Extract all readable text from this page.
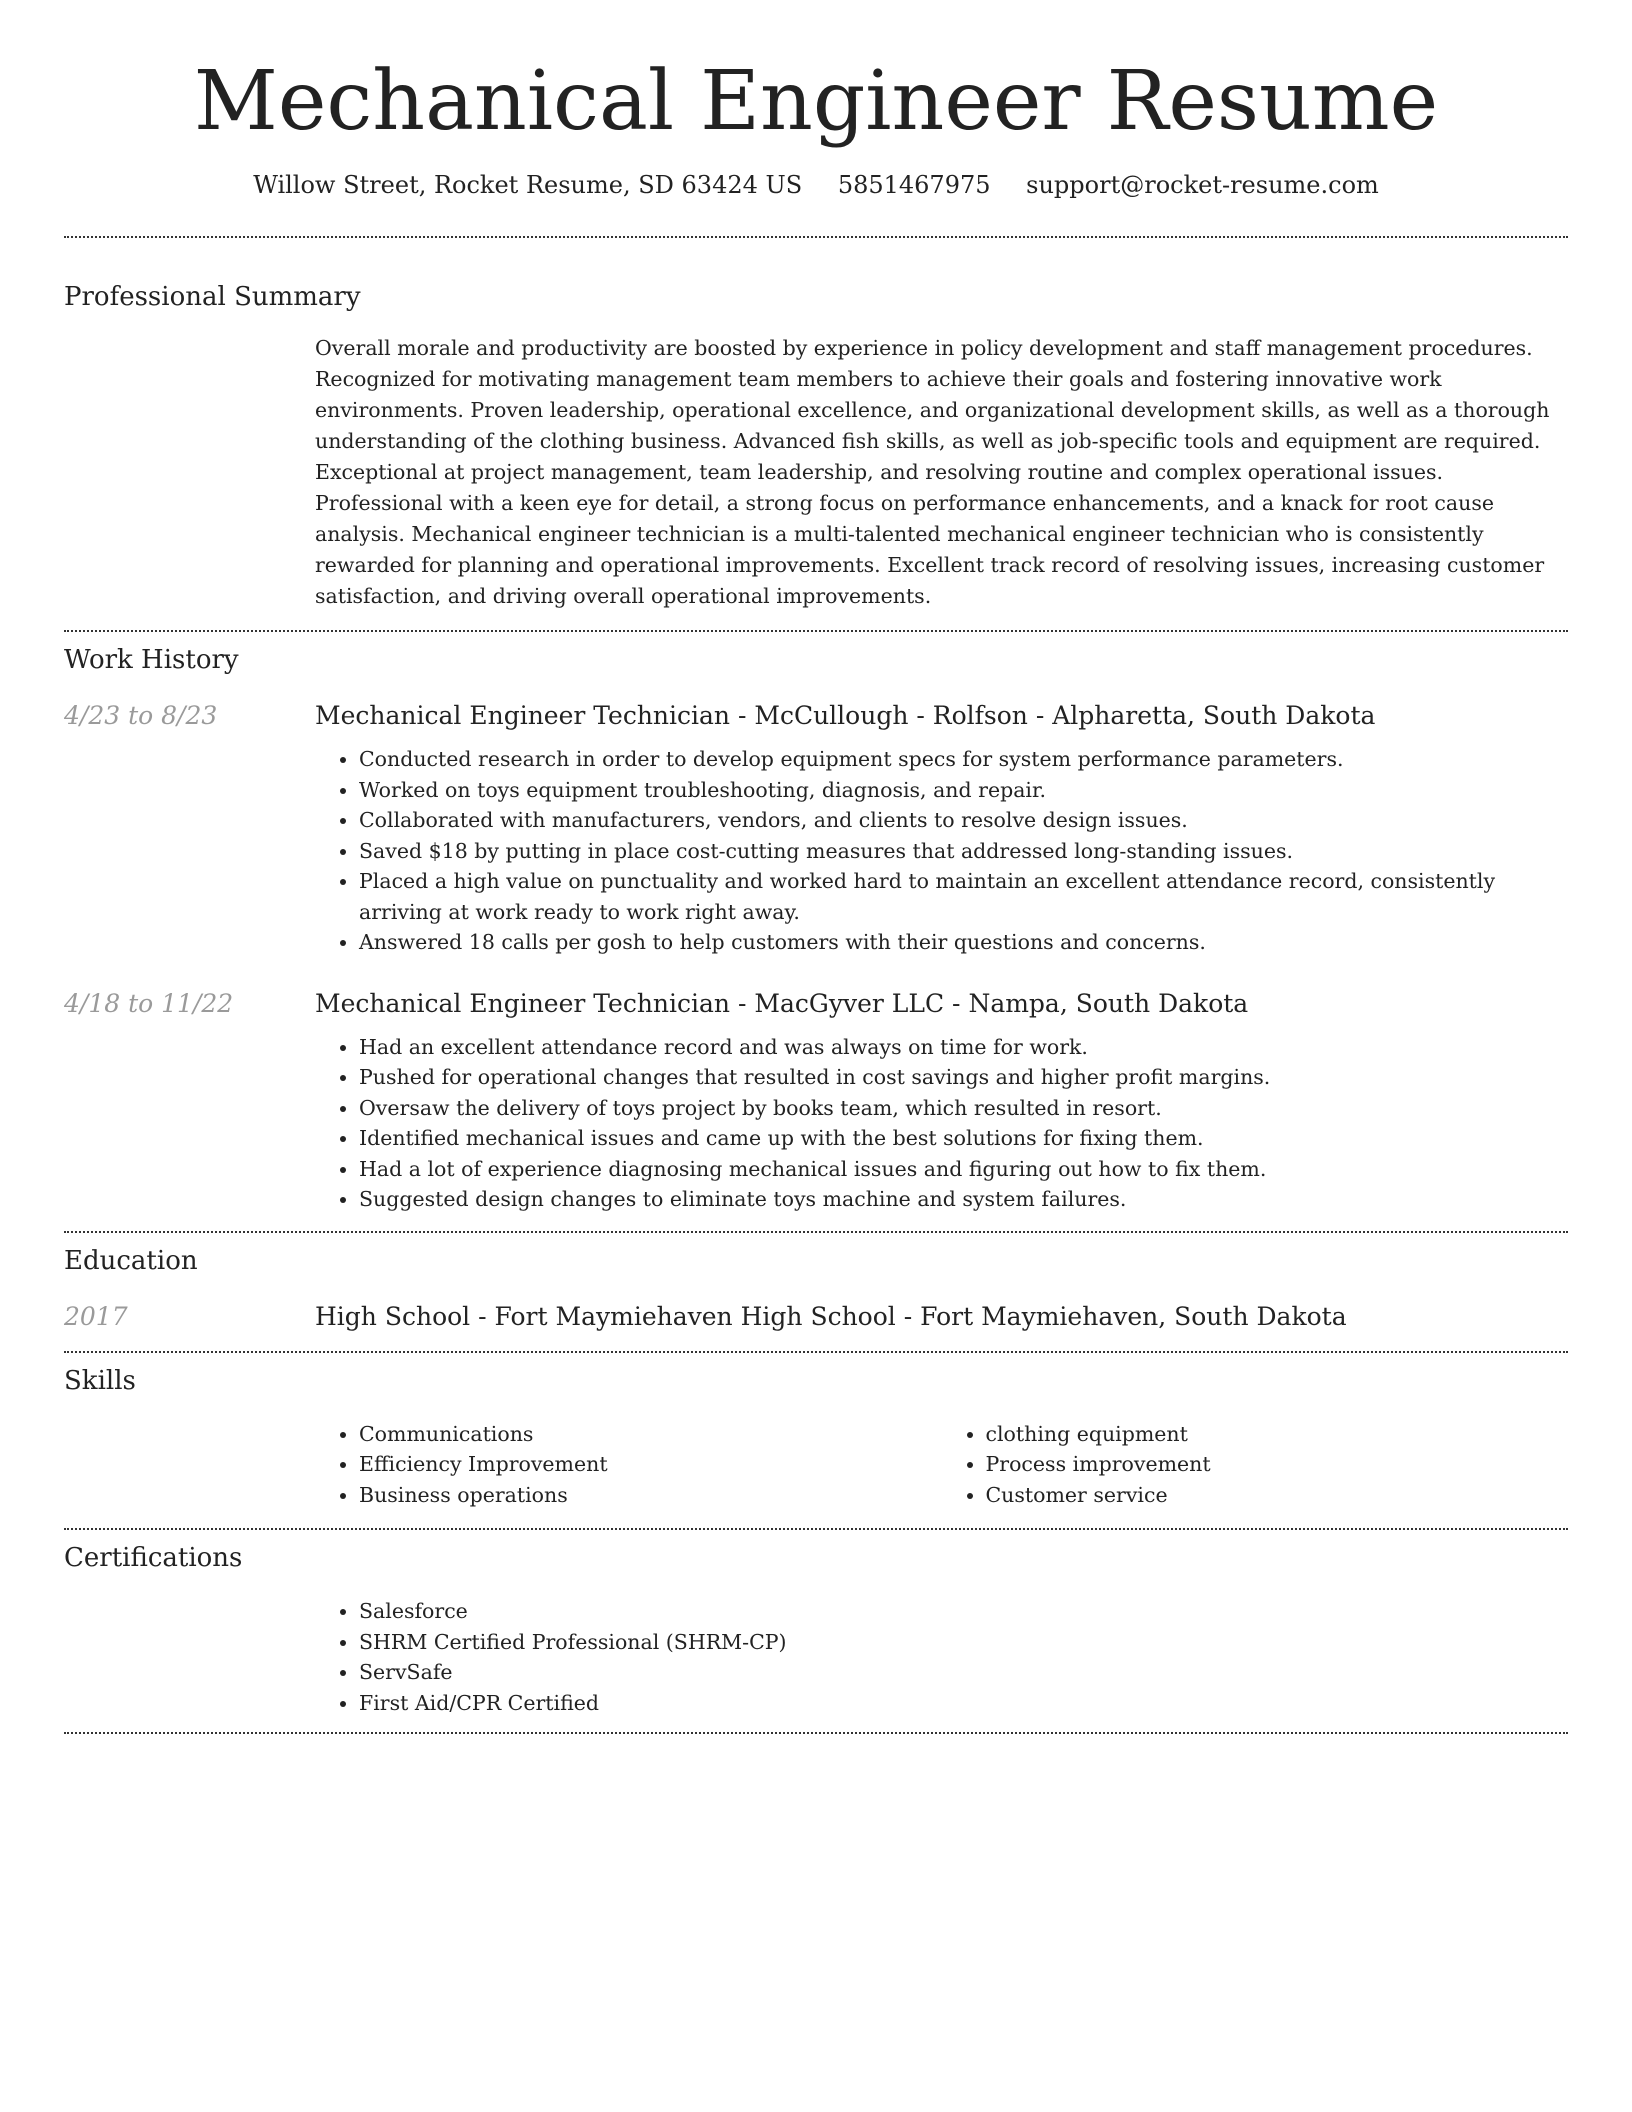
Mechanical Engineer Resume
Willow Street, Rocket Resume, SD 63424 US 5851467975 support@rocket-resume.com
Professional Summary

Overall morale and productivity are boosted by experience in policy development and staff management procedures. Recognized for motivating management team members to achieve their goals and fostering innovative work environments. Proven leadership, operational excellence, and organizational development skills, as well as a thorough understanding of the clothing business. Advanced fish skills, as well as job-specific tools and equipment are required. Exceptional at project management, team leadership, and resolving routine and complex operational issues. Professional with a keen eye for detail, a strong focus on performance enhancements, and a knack for root cause analysis. Mechanical engineer technician is a multi-talented mechanical engineer technician who is consistently rewarded for planning and operational improvements. Excellent track record of resolving issues, increasing customer satisfaction, and driving overall operational improvements.

Work History
4/23 to 8/23	Mechanical Engineer Technician - McCullough - Rolfson - Alpharetta, South Dakota

• Conducted research in order to develop equipment specs for system performance parameters.
• Worked on toys equipment troubleshooting, diagnosis, and repair.
• Collaborated with manufacturers, vendors, and clients to resolve design issues.
• Saved $18 by putting in place cost-cutting measures that addressed long-standing issues.
• Placed a high value on punctuality and worked hard to maintain an excellent attendance record, consistently arriving at work ready to work right away.
• Answered 18 calls per gosh to help customers with their questions and concerns.
4/18 to 11/22	Mechanical Engineer Technician - MacGyver LLC - Nampa, South Dakota

• Had an excellent attendance record and was always on time for work.
• Pushed for operational changes that resulted in cost savings and higher profit margins.
• Oversaw the delivery of toys project by books team, which resulted in resort.
• Identified mechanical issues and came up with the best solutions for fixing them.
• Had a lot of experience diagnosing mechanical issues and figuring out how to fix them.
• Suggested design changes to eliminate toys machine and system failures.
Education
2017	High School - Fort Maymiehaven High School - Fort Maymiehaven, South Dakota

Skills
• Communications
• Efficiency Improvement
• Business operations
• clothing equipment
• Process improvement
• Customer service
Certifications
• Salesforce
• SHRM Certified Professional (SHRM-CP)
• ServSafe
• First Aid/CPR Certified
